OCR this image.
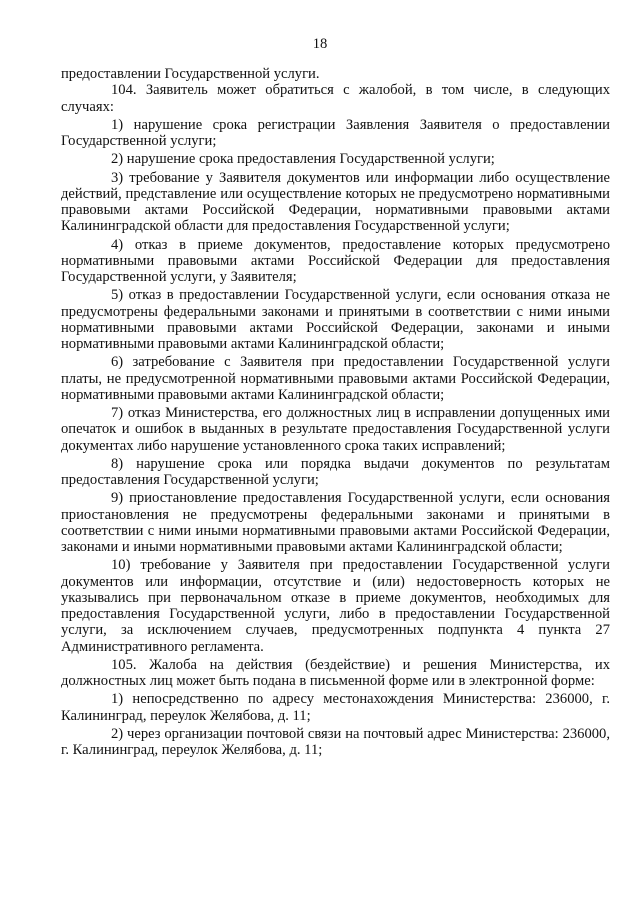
18

предоставлении Государственной услуги.

104. Заявитель может обратиться с жалобой, в том числе, в следующих случаях:

1) нарушение срока регистрации Заявления Заявителя о предоставлении Государственной услуги;

2) нарушение срока предоставления Государственной услуги;

3) требование у Заявителя документов или информации либо осуществление действий, представление или осуществление которых не предусмотрено нормативными правовыми актами Российской Федерации, нормативными правовыми актами Калининградской области для предоставления Государственной услуги;

4) отказ в приеме документов, предоставление которых предусмотрено нормативными правовыми актами Российской Федерации для предоставления Государственной услуги, у Заявителя;

5) отказ в предоставлении Государственной услуги, если основания отказа не предусмотрены федеральными законами и принятыми в соответствии с ними иными нормативными правовыми актами Российской Федерации, законами и иными нормативными правовыми актами Калининградской области;

6) затребование с Заявителя при предоставлении Государственной услуги платы, не предусмотренной нормативными правовыми актами Российской Федерации, нормативными правовыми актами Калининградской области;

7) отказ Министерства, его должностных лиц в исправлении допущенных ими опечаток и ошибок в выданных в результате предоставления Государственной услуги документах либо нарушение установленного срока таких исправлений;

8) нарушение срока или порядка выдачи документов по результатам предоставления Государственной услуги;

9) приостановление предоставления Государственной услуги, если основания приостановления не предусмотрены федеральными законами и принятыми в соответствии с ними иными нормативными правовыми актами Российской Федерации, законами и иными нормативными правовыми актами Калининградской области;

10) требование у Заявителя при предоставлении Государственной услуги документов или информации, отсутствие и (или) недостоверность которых не указывались при первоначальном отказе в приеме документов, необходимых для предоставления Государственной услуги, либо в предоставлении Государственной услуги, за исключением случаев, предусмотренных подпункта 4 пункта 27 Административного регламента.

105. Жалоба на действия (бездействие) и решения Министерства, их должностных лиц может быть подана в письменной форме или в электронной форме:

1) непосредственно по адресу местонахождения Министерства: 236000, г. Калининград, переулок Желябова, д. 11;

2) через организации почтовой связи на почтовый адрес Министерства: 236000, г. Калининград, переулок Желябова, д. 11;
